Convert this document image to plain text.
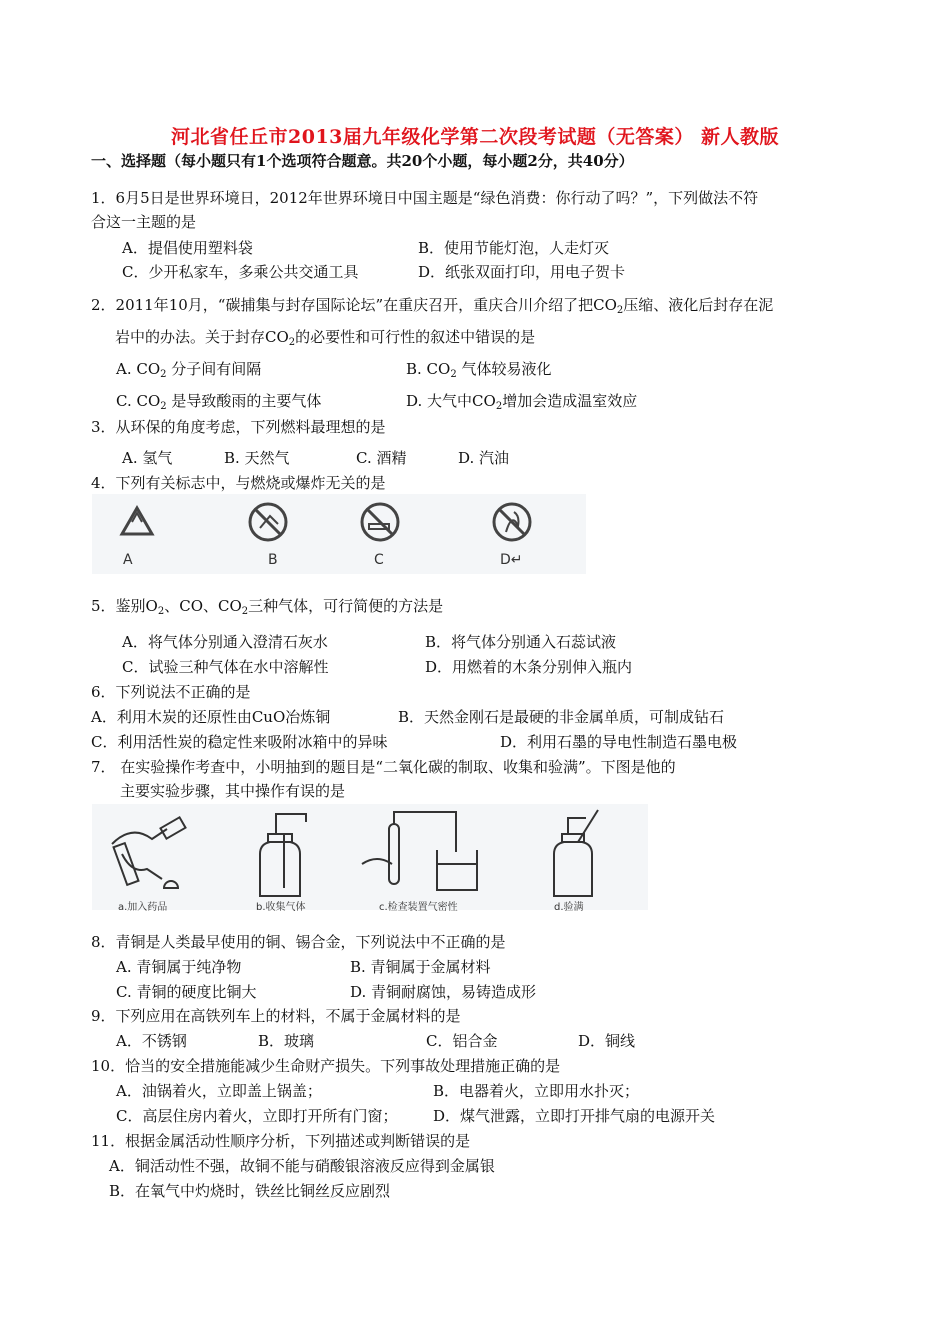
河北省任丘市2013届九年级化学第二次段考试题（无答案） 新人教版
一、选择题（每小题只有1个选项符合题意。共20个小题，每小题2分，共40分）
1．6月5日是世界环境日，2012年世界环境日中国主题是“绿色消费：你行动了吗？”，下列做法不符
合这一主题的是
A．提倡使用塑料袋	B．使用节能灯泡，人走灯灭
C．少开私家车，多乘公共交通工具	D．纸张双面打印，用电子贺卡
2．2011年10月，“碳捕集与封存国际论坛”在重庆召开，重庆合川介绍了把$CO_2$压缩、液化后封存在泥
岩中的办法。关于封存$CO_2$的必要性和可行性的叙述中错误的是
A. $CO_2$ 分子间有间隔	B. $CO_2$ 气体较易液化
C. $CO_2$ 是导致酸雨的主要气体	D. 大气中$CO_2$增加会造成温室效应
3．从环保的角度考虑，下列燃料最理想的是
A. 氢气	B. 天然气	C. 酒精	D. 汽油
4．下列有关标志中，与燃烧或爆炸无关的是
A	B	C	D↵
5．鉴别$O_2$、CO、$CO_2$三种气体，可行简便的方法是
A．将气体分别通入澄清石灰水	B．将气体分别通入石蕊试液
C．试验三种气体在水中溶解性	D．用燃着的木条分别伸入瓶内
6．下列说法不正确的是
A．利用木炭的还原性由CuO冶炼铜	B．天然金刚石是最硬的非金属单质，可制成钻石
C．利用活性炭的稳定性来吸附冰箱中的异味	D．利用石墨的导电性制造石墨电极
7． 在实验操作考查中，小明抽到的题目是“二氧化碳的制取、收集和验满”。下图是他的
主要实验步骤，其中操作有误的是
a.加入药品	b.收集气体	c.检查装置气密性	d.验满
8．青铜是人类最早使用的铜、锡合金，下列说法中不正确的是
A. 青铜属于纯净物	B. 青铜属于金属材料
C. 青铜的硬度比铜大	D. 青铜耐腐蚀，易铸造成形
9．下列应用在高铁列车上的材料，不属于金属材料的是
A．不锈钢	B．玻璃	C．铝合金	D．铜线
10．恰当的安全措施能减少生命财产损失。下列事故处理措施正确的是
A．油锅着火，立即盖上锅盖；	B．电器着火，立即用水扑灭；
C．高层住房内着火，立即打开所有门窗； D．煤气泄露，立即打开排气扇的电源开关
11．根据金属活动性顺序分析，下列描述或判断错误的是
A．铜活动性不强，故铜不能与硝酸银溶液反应得到金属银
B．在氧气中灼烧时，铁丝比铜丝反应剧烈
